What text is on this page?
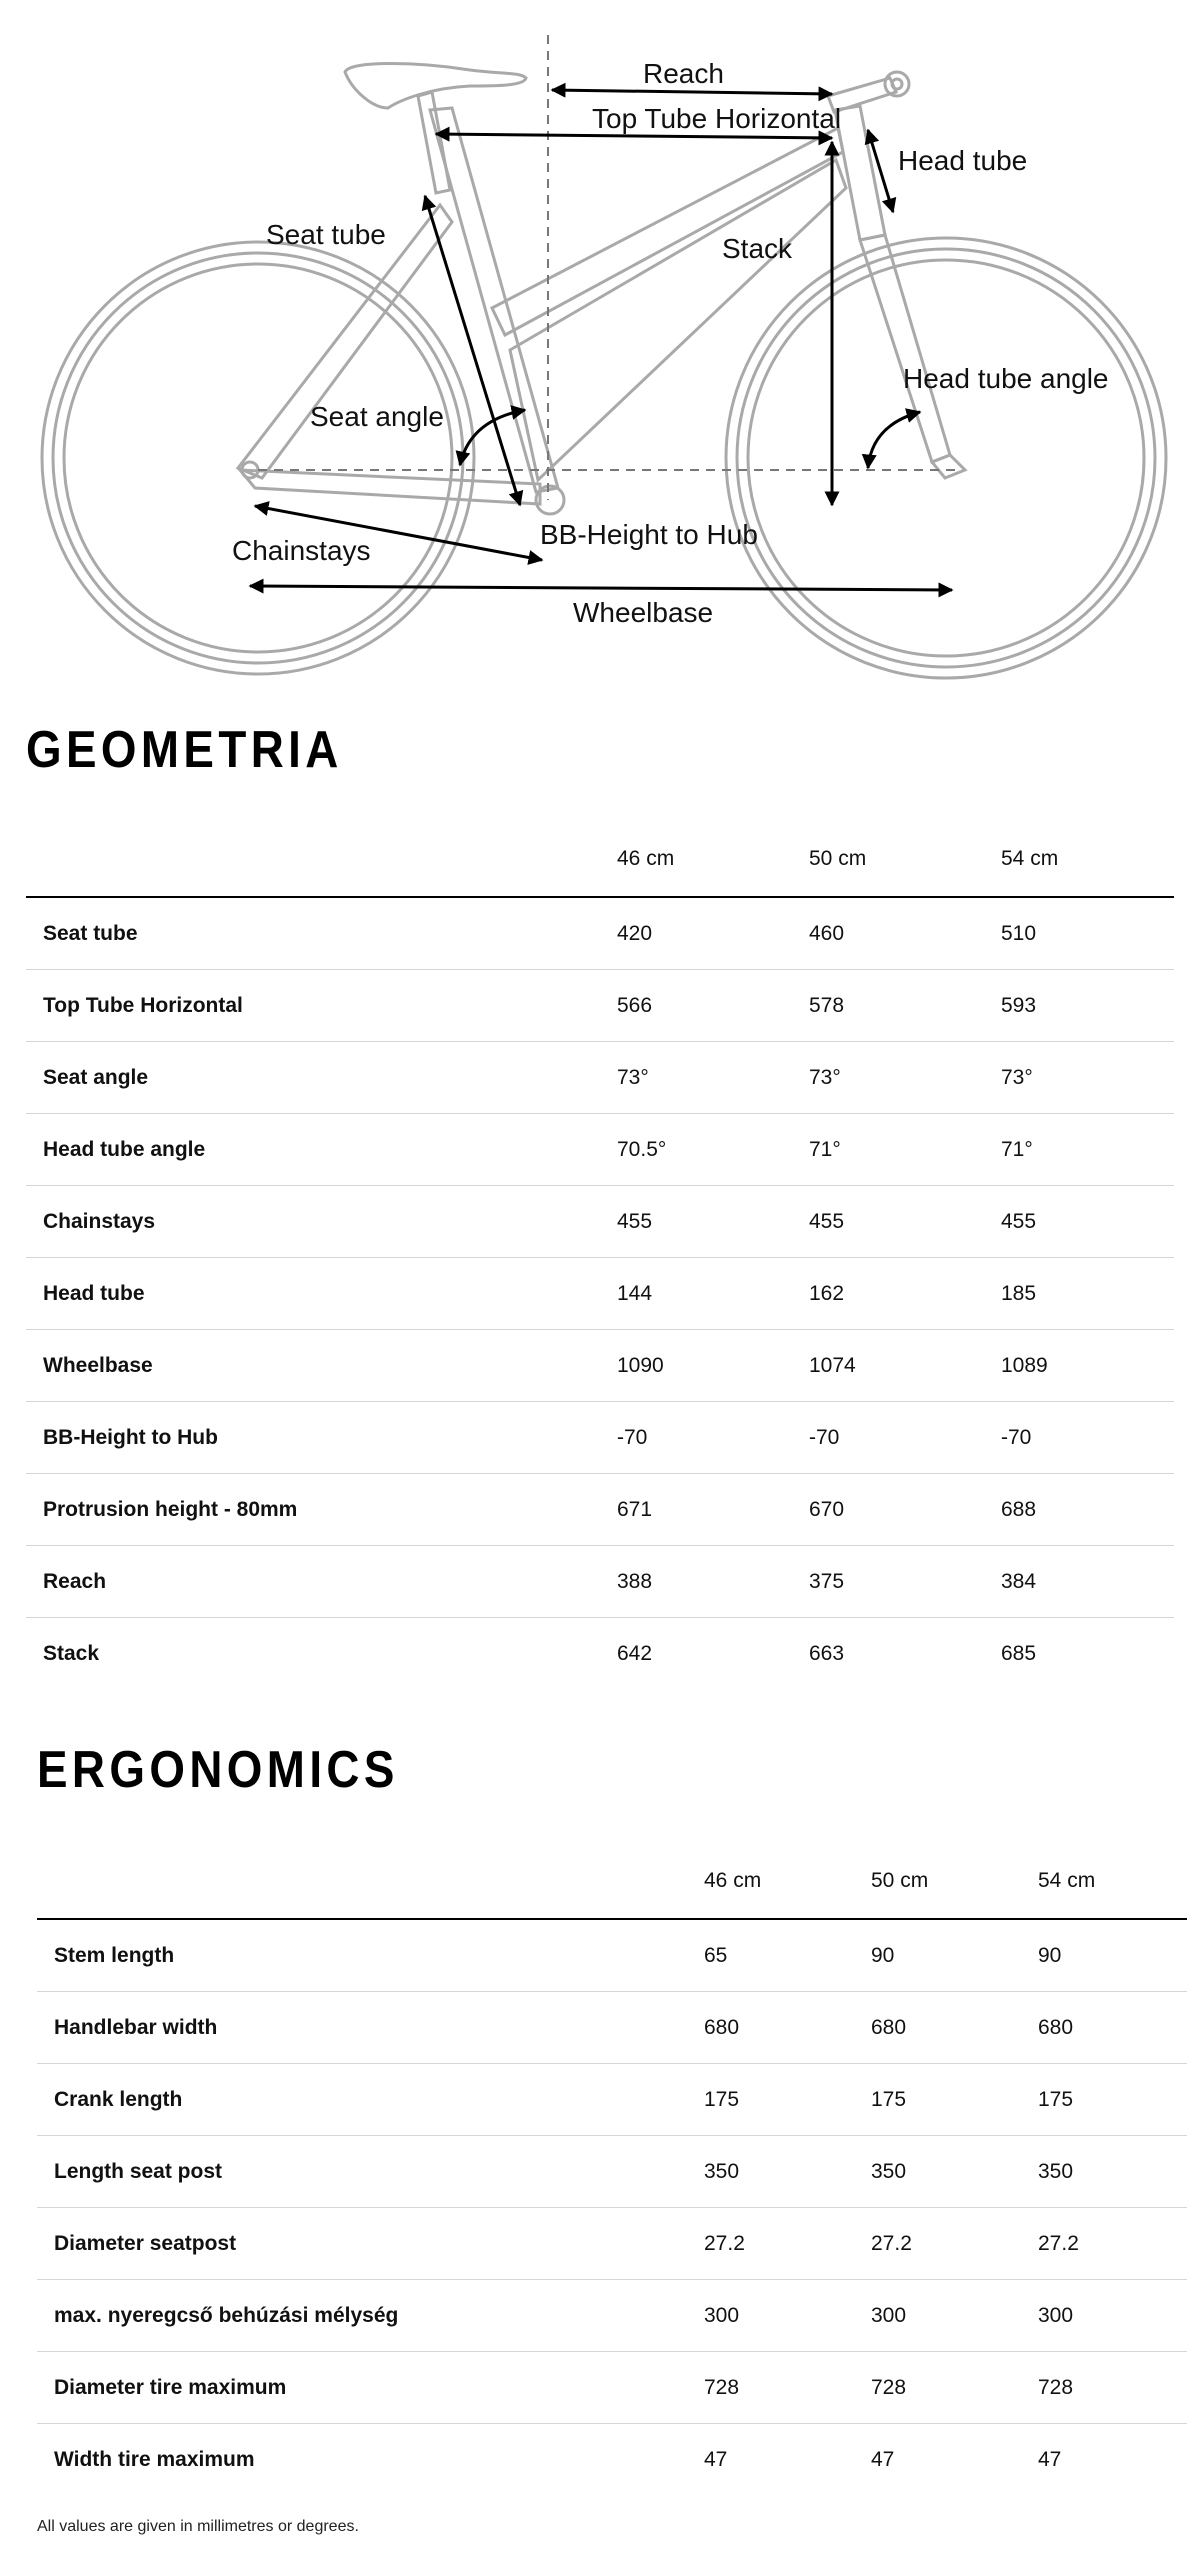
Reach
Top Tube Horizontal
Head tube
Seat tube	Stack
Head tube angle
Seat angle
BB-Height to Hub
Chainstays
Wheelbase
GEOMETRIA
	46 cm	50 cm	54 cm
Seat tube	420	460	510
Top Tube Horizontal	566	578	593
Seat angle	73°	73°	73°
Head tube angle	70.5°	71°	71°
Chainstays	455	455	455
Head tube	144	162	185
Wheelbase	1090	1074	1089
BB-Height to Hub	-70	-70	-70
Protrusion height - 80mm	671	670	688
Reach	388	375	384
Stack	642	663	685
ERGONOMICS
	46 cm	50 cm	54 cm
Stem length	65	90	90
Handlebar width	680	680	680
Crank length	175	175	175
Length seat post	350	350	350
Diameter seatpost	27.2	27.2	27.2
max. nyeregcső behúzási mélység	300	300	300
Diameter tire maximum	728	728	728
Width tire maximum	47	47	47
All values are given in millimetres or degrees.
